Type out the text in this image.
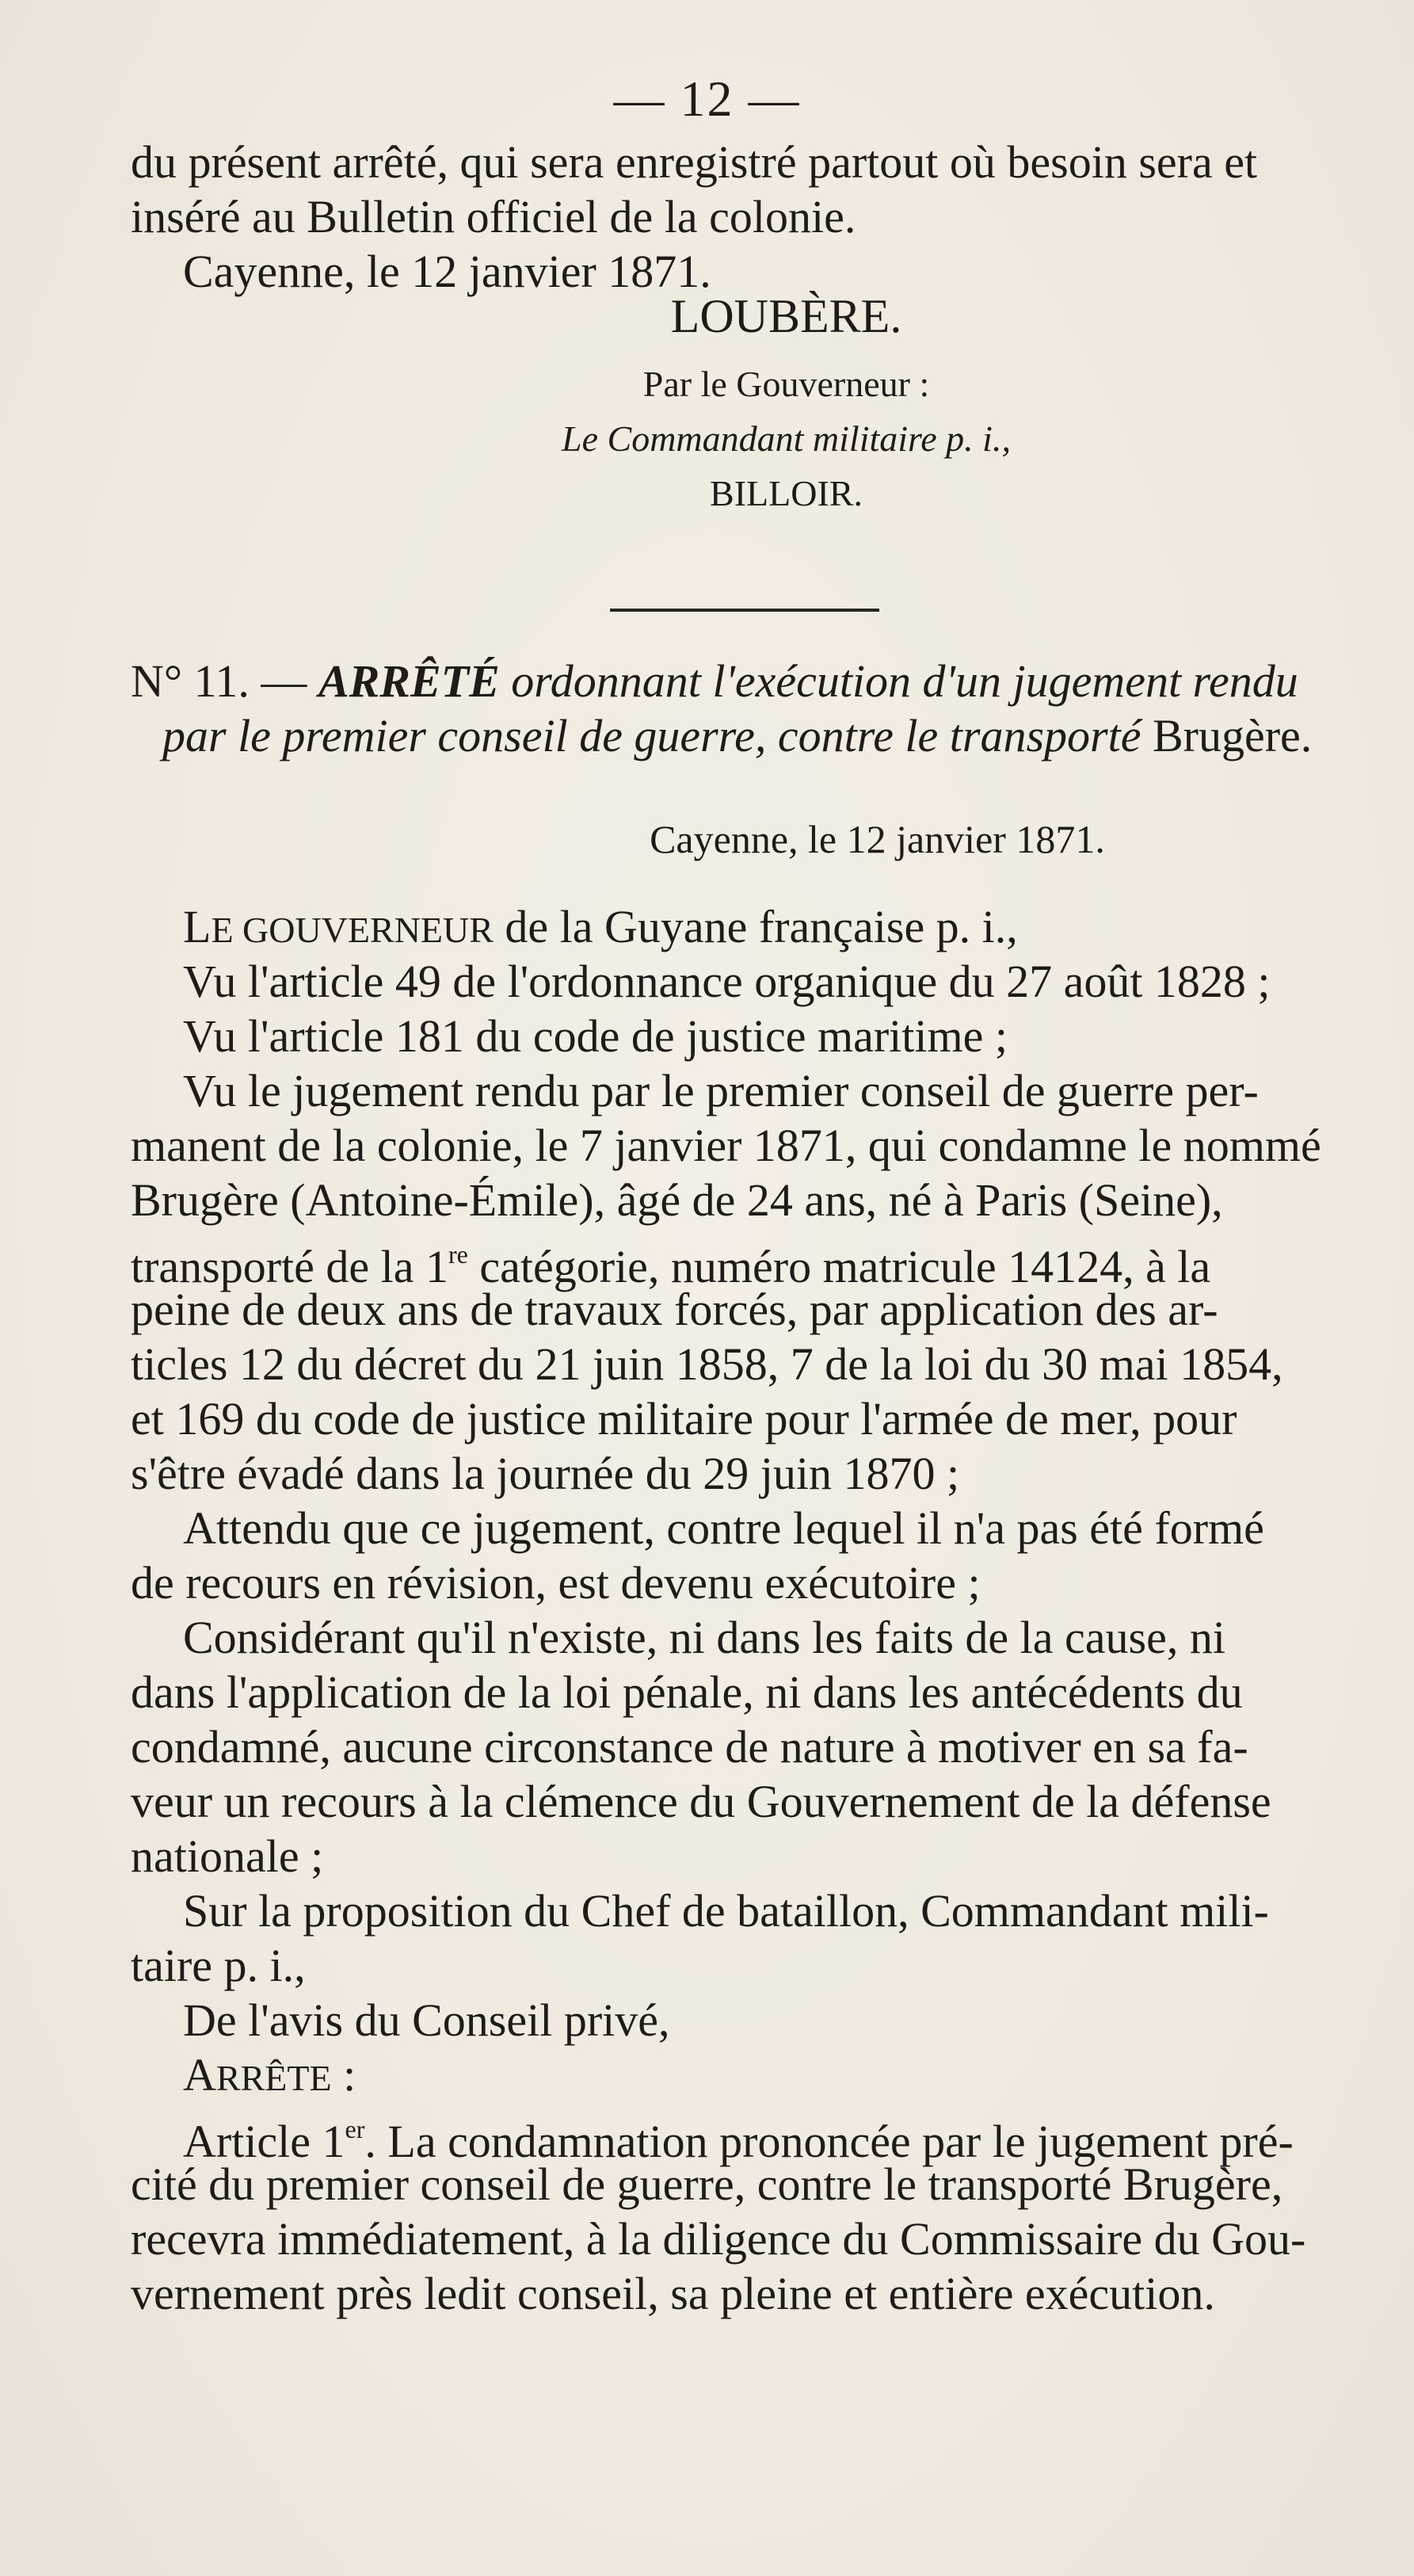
— 12 —
du présent arrêté, qui sera enregistré partout où besoin sera et
inséré au Bulletin officiel de la colonie.
Cayenne, le 12 janvier 1871.
LOUBÈRE.
Par le Gouverneur :
Le Commandant militaire p. i.,
BILLOIR.
N° 11. — ARRÊTÉ ordonnant l'exécution d'un jugement rendu
par le premier conseil de guerre, contre le transporté Brugère.
Cayenne, le 12 janvier 1871.
LE GOUVERNEUR de la Guyane française p. i.,
Vu l'article 49 de l'ordonnance organique du 27 août 1828 ;
Vu l'article 181 du code de justice maritime ;
Vu le jugement rendu par le premier conseil de guerre per-
manent de la colonie, le 7 janvier 1871, qui condamne le nommé
Brugère (Antoine-Émile), âgé de 24 ans, né à Paris (Seine),
transporté de la 1re catégorie, numéro matricule 14124, à la
peine de deux ans de travaux forcés, par application des ar-
ticles 12 du décret du 21 juin 1858, 7 de la loi du 30 mai 1854,
et 169 du code de justice militaire pour l'armée de mer, pour
s'être évadé dans la journée du 29 juin 1870 ;
Attendu que ce jugement, contre lequel il n'a pas été formé
de recours en révision, est devenu exécutoire ;
Considérant qu'il n'existe, ni dans les faits de la cause, ni
dans l'application de la loi pénale, ni dans les antécédents du
condamné, aucune circonstance de nature à motiver en sa fa-
veur un recours à la clémence du Gouvernement de la défense
nationale ;
Sur la proposition du Chef de bataillon, Commandant mili-
taire p. i.,
De l'avis du Conseil privé,
ARRÊTE :
Article 1er. La condamnation prononcée par le jugement pré-
cité du premier conseil de guerre, contre le transporté Brugère,
recevra immédiatement, à la diligence du Commissaire du Gou-
vernement près ledit conseil, sa pleine et entière exécution.
